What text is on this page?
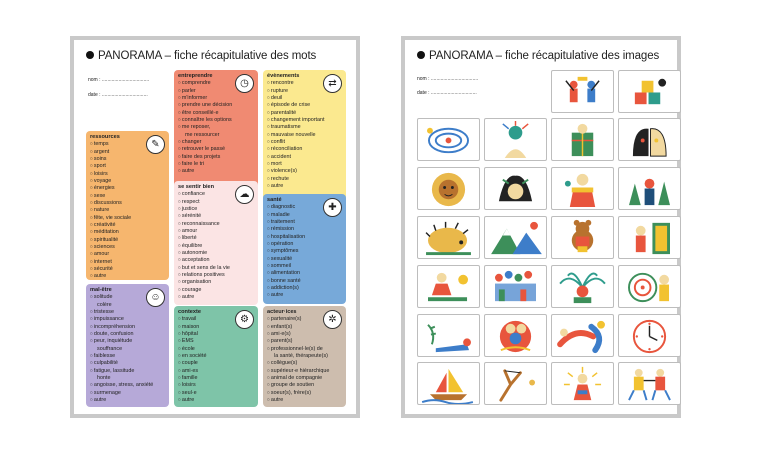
PANORAMA – fiche récapitulative des mots
nom : ..................................
date : .................................
entreprendre
◷
○ comprendre
○ parler
○ m'informer
○ prendre une décision
○ être conseillé·e
○ connaître les options
○ me reposer,
me ressourcer
○ changer
○ retrouver le passé
○ faire des projets
○ faire le tri
○ autre
évènements
⇄
○ rencontre
○ rupture
○ deuil
○ épisode de crise
○ parentalité
○ changement important
○ traumatisme
○ mauvaise nouvelle
○ conflit
○ réconciliation
○ accident
○ mort
○ violence(s)
○ rechute
○ autre
ressources
✎
○ temps
○ argent
○ soins
○ sport
○ loisirs
○ voyage
○ énergies
○ sexe
○ discussions
○ nature
○ fête, vie sociale
○ créativité
○ méditation
○ spiritualité
○ sciences
○ amour
○ internet
○ sécurité
○ autre
se sentir bien
☁
○ confiance
○ respect
○ justice
○ sérénité
○ reconnaissance
○ amour
○ liberté
○ équilibre
○ autonomie
○ acceptation
○ but et sens de la vie
○ relations positives
○ organisation
○ courage
○ autre
santé
✚
○ diagnostic
○ maladie
○ traitement
○ rémission
○ hospitalisation
○ opération
○ symptômes
○ sexualité
○ sommeil
○ alimentation
○ bonne santé
○ addiction(s)
○ autre
mal-être
☺
○ solitude
colère
○ tristesse
○ impuissance
○ incompréhension
○ doute, confusion
○ peur, inquiétude
souffrance
○ faiblesse
○ culpabilité
○ fatigue, lassitude
honte
○ angoisse, stress, anxiété
○ surmenage
○ autre
contexte
⚙
○ travail
○ maison
○ hôpital
○ EMS
○ école
○ en société
○ couple
○ ami·es
○ famille
○ loisirs
○ seul·e
○ autre
acteur·ices
✲
○ partenaire(s)
○ enfant(s)
○ ami·e(s)
○ parent(s)
○ professionnel·le(s) de
la santé, thérapeute(s)
○ collègue(s)
○ supérieur·e hiérarchique
○ animal de compagnie
○ groupe de soutien
○ soeur(s), frère(s)
○ autre
PANORAMA – fiche récapitulative des images
nom : ..................................
date : .................................
